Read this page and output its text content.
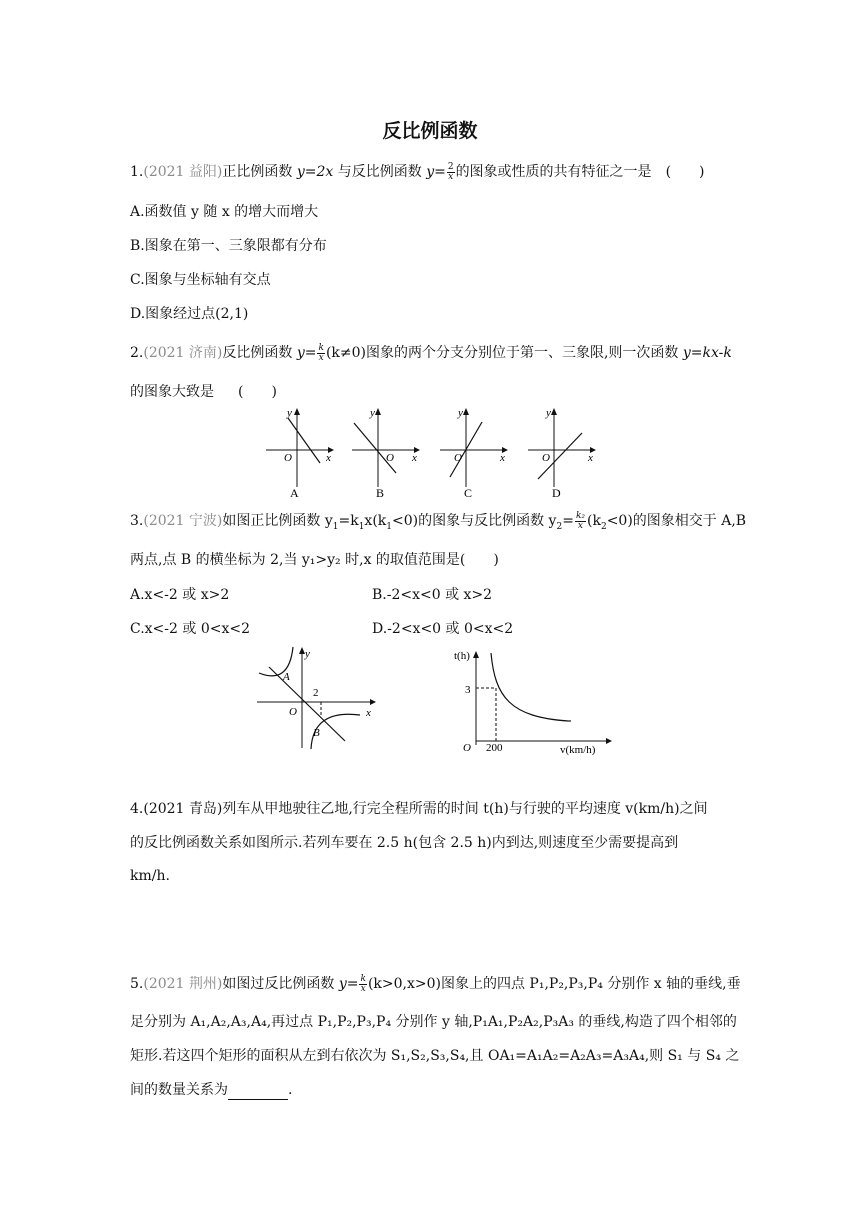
反比例函数
1.(2021 益阳)正比例函数 y=2x 与反比例函数 $y= \frac{2}{x}$ 的图象或性质的共有特征之一是 (　　)
A.函数值 y 随 x 的增大而增大
B.图象在第一、三象限都有分布
C.图象与坐标轴有交点
D.图象经过点(2,1)
2.(2021 济南)反比例函数 $y= \frac{k}{x} (k\ne 0)$图象的两个分支分别位于第一、三象限,则一次函数 y=kx-k
的图象大致是 (　　)
y
x
O
A
y
x
O
B
y
x
O
C
y
x
O
D
3.(2021 宁波)如图正比例函数 $y_1=k_1x(k_1<0)$的图象与反比例函数 $y_2= \frac{\text{k₂}}{x} (k_2<0)$的图象相交于 A,B
两点,点 B 的横坐标为 2,当 y₁>y₂ 时,x 的取值范围是(　　)
A.x<-2 或 x>2	B.-2<x<0 或 x>2
C.x<-2 或 0<x<2	D.-2<x<0 或 0<x<2
y
x
O
A
B
2
t(h)
v(km/h)
O
3
200
4.(2021 青岛)列车从甲地驶往乙地,行完全程所需的时间 t(h)与行驶的平均速度 v(km/h)之间
的反比例函数关系如图所示.若列车要在 2.5 h(包含 2.5 h)内到达,则速度至少需要提高到
km/h.
5.(2021 荆州)如图过反比例函数 $y= \frac{k}{x} (k>0,x>0)$图象上的四点 P₁,P₂,P₃,P₄ 分别作 x 轴的垂线,垂
足分别为 A₁,A₂,A₃,A₄,再过点 P₁,P₂,P₃,P₄ 分别作 y 轴,P₁A₁,P₂A₂,P₃A₃ 的垂线,构造了四个相邻的
矩形.若这四个矩形的面积从左到右依次为 S₁,S₂,S₃,S₄,且 OA₁=A₁A₂=A₂A₃=A₃A₄,则 S₁ 与 S₄ 之
间的数量关系为	.
